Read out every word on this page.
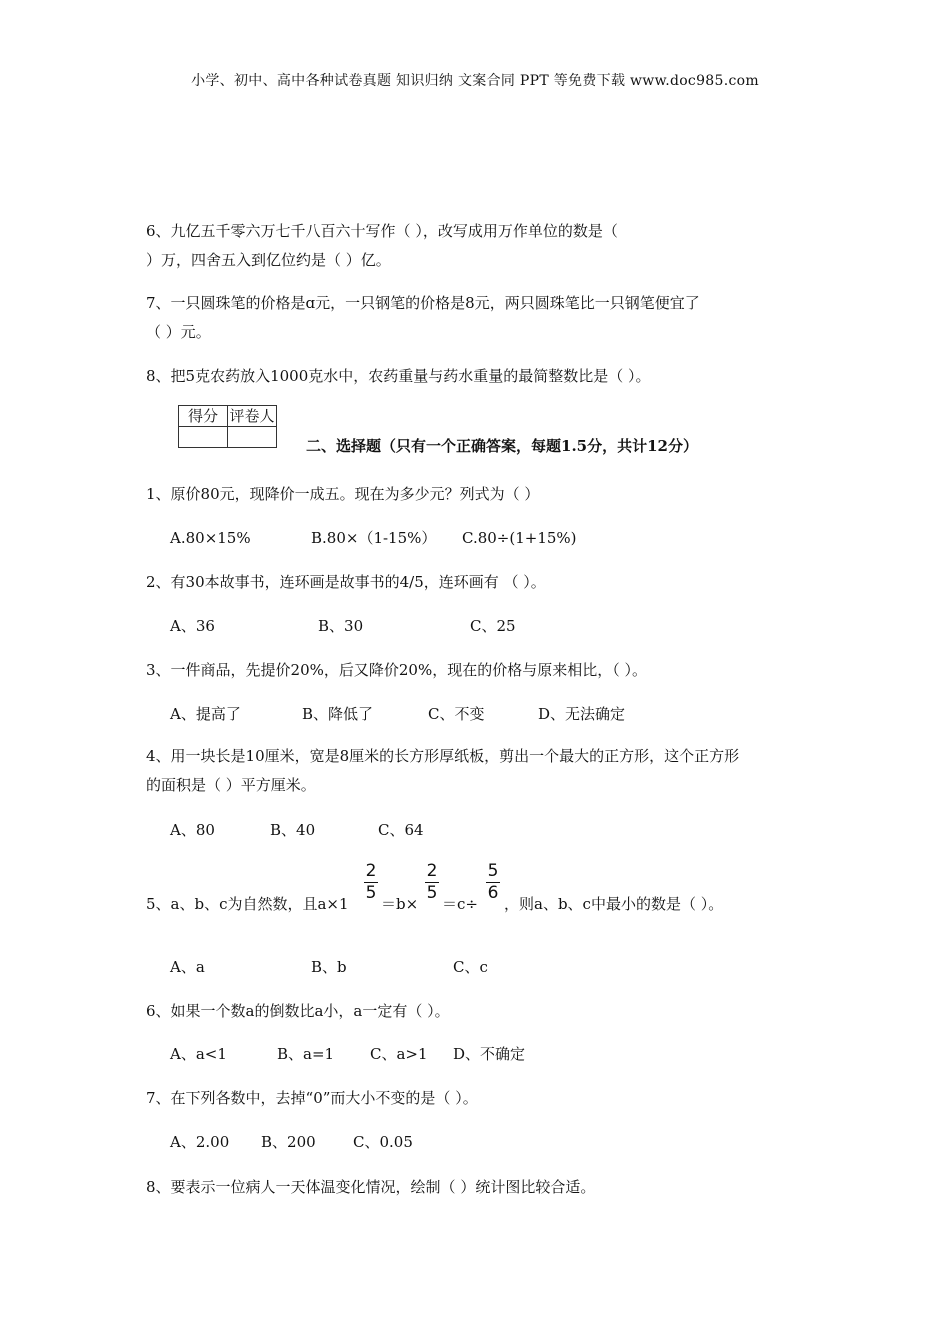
小学、初中、高中各种试卷真题 知识归纳 文案合同 PPT 等免费下载 www.doc985.com
6、九亿五千零六万七千八百六十写作（ ），改写成用万作单位的数是（
）万，四舍五入到亿位约是（ ）亿。
7、一只圆珠笔的价格是ɑ元，一只钢笔的价格是8元，两只圆珠笔比一只钢笔便宜了
（ ）元。
8、把5克农药放入1000克水中，农药重量与药水重量的最简整数比是（ ）。
得分	评卷人

二、选择题（只有一个正确答案，每题1.5分，共计12分）
1、原价80元，现降价一成五。现在为多少元？列式为（ ）
A.80×15%	B.80×（1-15%） C.80÷(1+15%)
2、有30本故事书，连环画是故事书的4/5，连环画有 （ ）。
A、36	B、30	C、25
3、一件商品，先提价20%，后又降价20%，现在的价格与原来相比，（ ）。
A、提高了	B、降低了	C、不变	D、无法确定
4、用一块长是10厘米，宽是8厘米的长方形厚纸板，剪出一个最大的正方形，这个正方形
的面积是（ ）平方厘米。
A、80	B、40	C、64
5、a、b、c为自然数，且a×1
2
5
＝b×
2
5
＝c÷
5
6
，则a、b、c中最小的数是（ ）。
A、a	B、b	C、c
6、如果一个数a的倒数比a小，a一定有（ ）。
A、a<1	B、a=1 C、a>1 D、不确定
7、在下列各数中，去掉“0”而大小不变的是（ ）。
A、2.00 B、200 C、0.05
8、要表示一位病人一天体温变化情况，绘制（ ）统计图比较合适。
